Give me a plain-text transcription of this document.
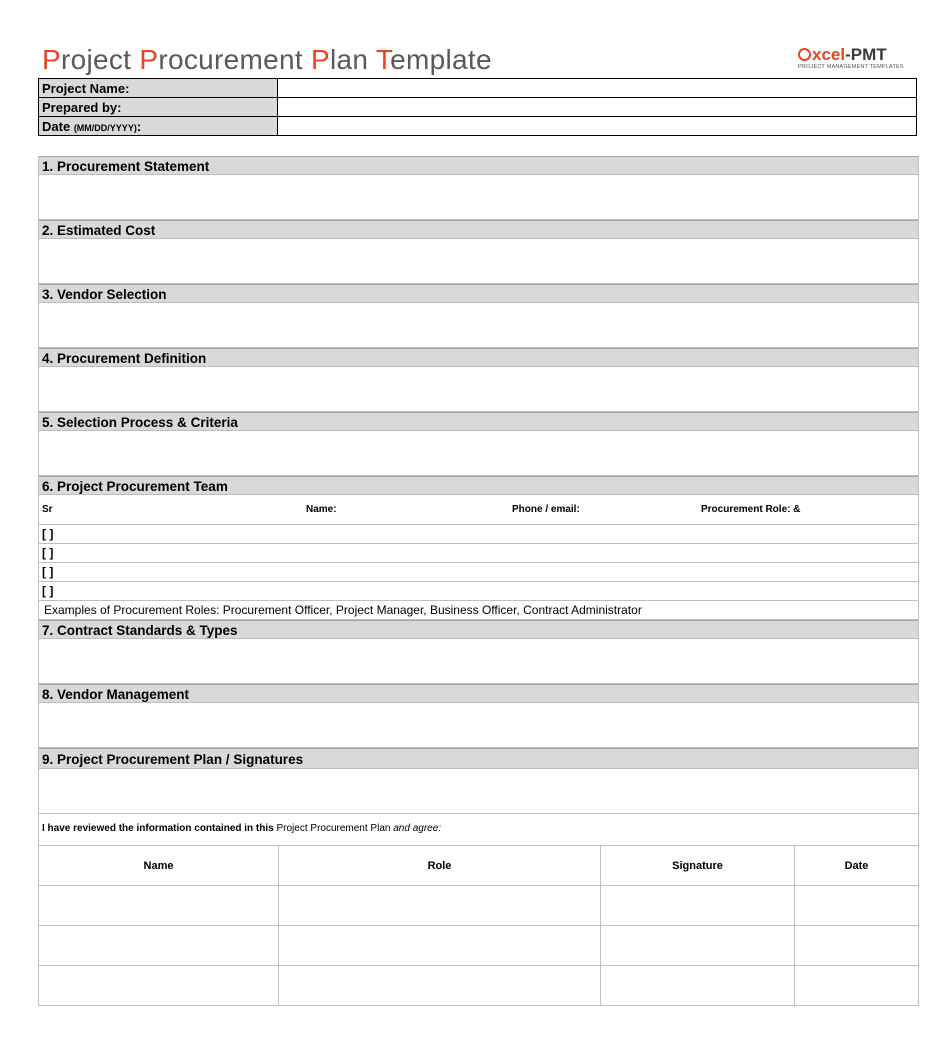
Project Procurement Plan Template	xcel-PMT
PROJECT MANAGEMENT TEMPLATES
Project Name:	
Prepared by:	
Date (MM/DD/YYYY):	
1. Procurement Statement
2. Estimated Cost
3. Vendor Selection
4. Procurement Definition
5. Selection Process & Criteria
6. Project Procurement Team
Sr	Name:	Phone / email:	Procurement Role: &
[ ]
[ ]
[ ]
[ ]
Examples of Procurement Roles: Procurement Officer, Project Manager, Business Officer, Contract Administrator
7. Contract Standards & Types
8. Vendor Management
9. Project Procurement Plan / Signatures
I have reviewed the information contained in this Project Procurement Plan and agree:
Name	Role	Signature	Date
